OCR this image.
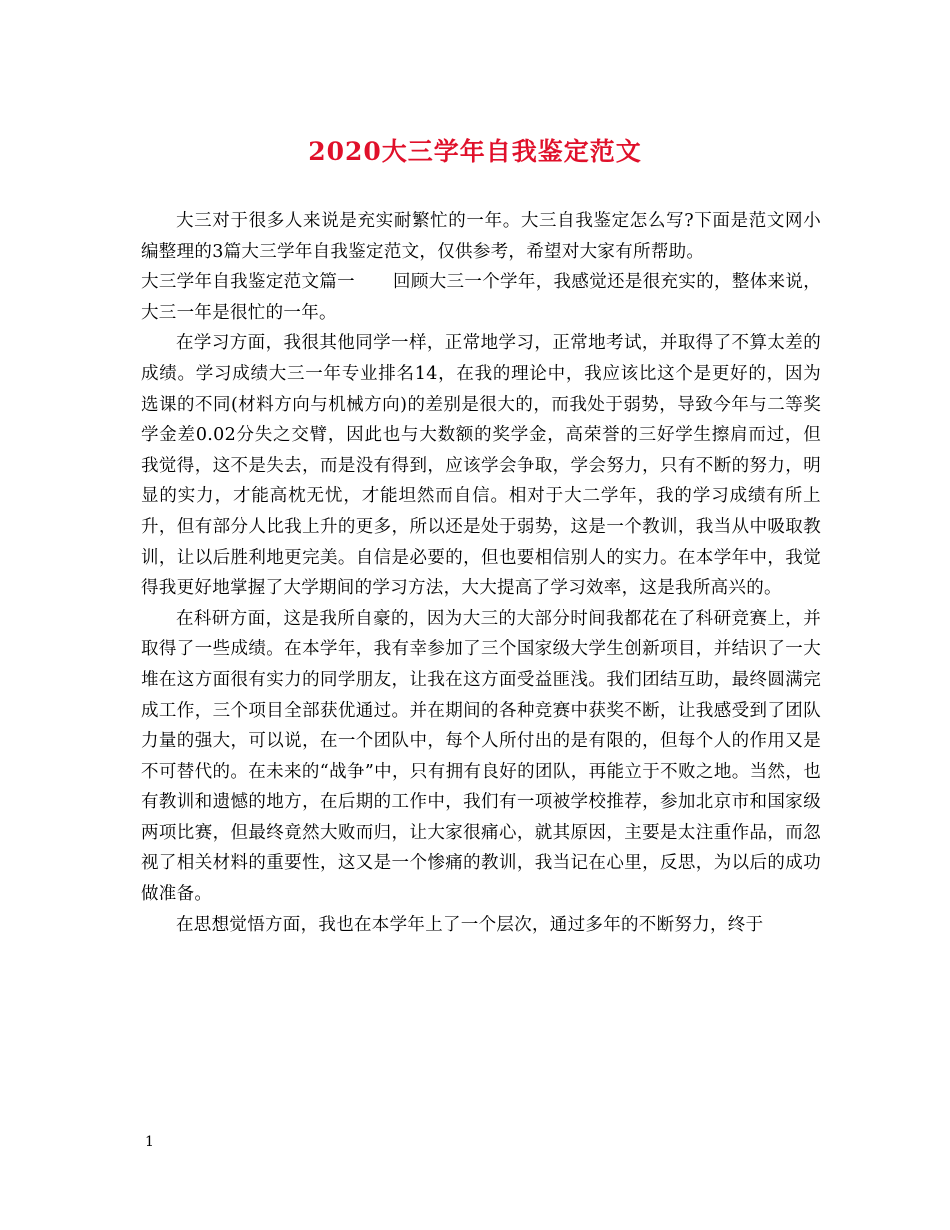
2020大三学年自我鉴定范文

大三对于很多人来说是充实耐繁忙的一年。大三自我鉴定怎么写?下面是范文网小编整理的3篇大三学年自我鉴定范文，仅供参考，希望对大家有所帮助。

大三学年自我鉴定范文篇一 回顾大三一个学年，我感觉还是很充实的，整体来说，大三一年是很忙的一年。

在学习方面，我很其他同学一样，正常地学习，正常地考试，并取得了不算太差的成绩。学习成绩大三一年专业排名14，在我的理论中，我应该比这个是更好的，因为选课的不同(材料方向与机械方向)的差别是很大的，而我处于弱势，导致今年与二等奖学金差0.02分失之交臂，因此也与大数额的奖学金，高荣誉的三好学生擦肩而过，但我觉得，这不是失去，而是没有得到，应该学会争取，学会努力，只有不断的努力，明显的实力，才能高枕无忧，才能坦然而自信。相对于大二学年，我的学习成绩有所上升，但有部分人比我上升的更多，所以还是处于弱势，这是一个教训，我当从中吸取教训，让以后胜利地更完美。自信是必要的，但也要相信别人的实力。在本学年中，我觉得我更好地掌握了大学期间的学习方法，大大提高了学习效率，这是我所高兴的。

在科研方面，这是我所自豪的，因为大三的大部分时间我都花在了科研竞赛上，并取得了一些成绩。在本学年，我有幸参加了三个国家级大学生创新项目，并结识了一大堆在这方面很有实力的同学朋友，让我在这方面受益匪浅。我们团结互助，最终圆满完成工作，三个项目全部获优通过。并在期间的各种竞赛中获奖不断，让我感受到了团队力量的强大，可以说，在一个团队中，每个人所付出的是有限的，但每个人的作用又是不可替代的。在未来的“战争”中，只有拥有良好的团队，再能立于不败之地。当然，也有教训和遗憾的地方，在后期的工作中，我们有一项被学校推荐，参加北京市和国家级两项比赛，但最终竟然大败而归，让大家很痛心，就其原因，主要是太注重作品，而忽视了相关材料的重要性，这又是一个惨痛的教训，我当记在心里，反思，为以后的成功做准备。

在思想觉悟方面，我也在本学年上了一个层次，通过多年的不断努力，终于

1
